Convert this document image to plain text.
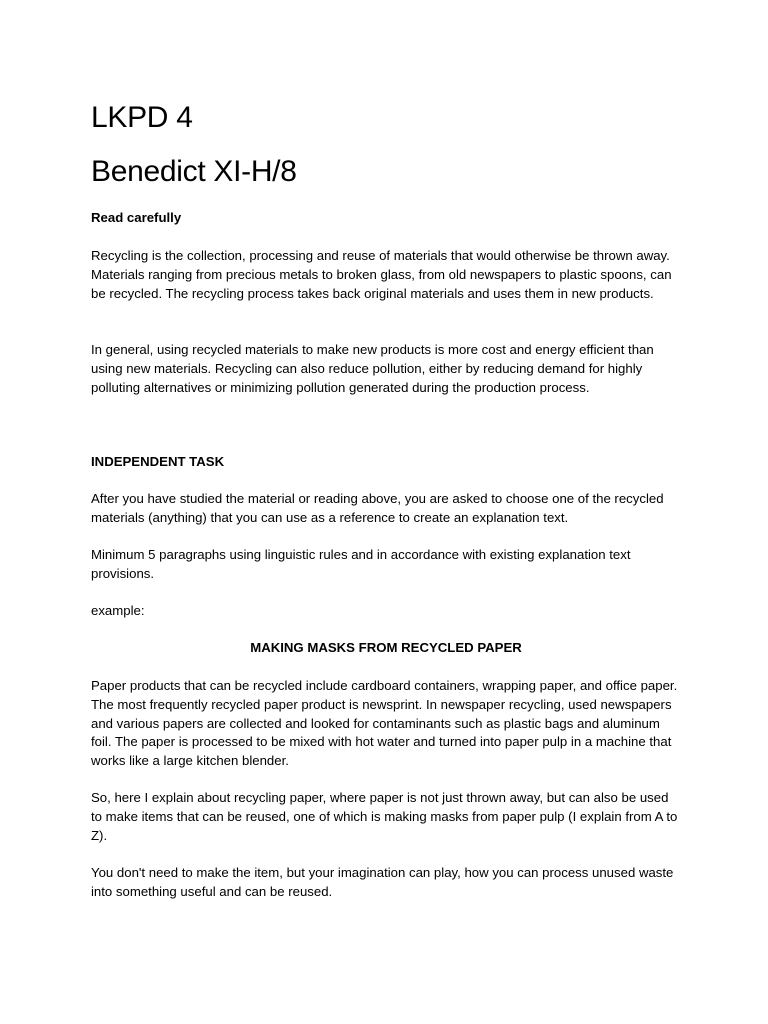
LKPD 4
Benedict XI-H/8

Read carefully

Recycling is the collection, processing and reuse of materials that would otherwise be thrown away. Materials ranging from precious metals to broken glass, from old newspapers to plastic spoons, can be recycled. The recycling process takes back original materials and uses them in new products.

In general, using recycled materials to make new products is more cost and energy efficient than using new materials. Recycling can also reduce pollution, either by reducing demand for highly polluting alternatives or minimizing pollution generated during the production process.

INDEPENDENT TASK

After you have studied the material or reading above, you are asked to choose one of the recycled materials (anything) that you can use as a reference to create an explanation text.

Minimum 5 paragraphs using linguistic rules and in accordance with existing explanation text provisions.

example:

MAKING MASKS FROM RECYCLED PAPER

Paper products that can be recycled include cardboard containers, wrapping paper, and office paper. The most frequently recycled paper product is newsprint. In newspaper recycling, used newspapers and various papers are collected and looked for contaminants such as plastic bags and aluminum foil. The paper is processed to be mixed with hot water and turned into paper pulp in a machine that works like a large kitchen blender.

So, here I explain about recycling paper, where paper is not just thrown away, but can also be used to make items that can be reused, one of which is making masks from paper pulp (I explain from A to Z).

You don't need to make the item, but your imagination can play, how you can process unused waste into something useful and can be reused.
